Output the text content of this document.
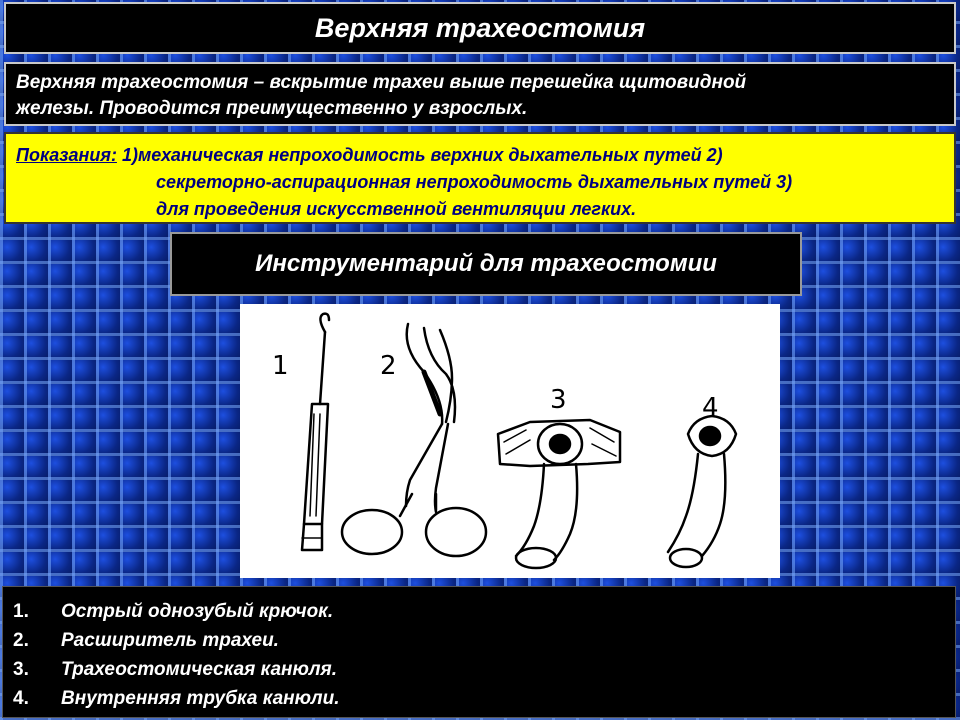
Верхняя трахеостомия
Верхняя трахеостомия – вскрытие трахеи выше перешейка щитовидной
железы. Проводится преимущественно у взрослых.
Показания:
1)механическая непроходимость верхних дыхательных путей 2)
секреторно-аспирационная непроходимость дыхательных путей 3)
для проведения искусственной вентиляции легких.
Инструментарий для трахеостомии
1	2
3	4
1.	Острый однозубый крючок.
2.	Расширитель трахеи.
3.	Трахеостомическая канюля.
4.	Внутренняя трубка канюли.
